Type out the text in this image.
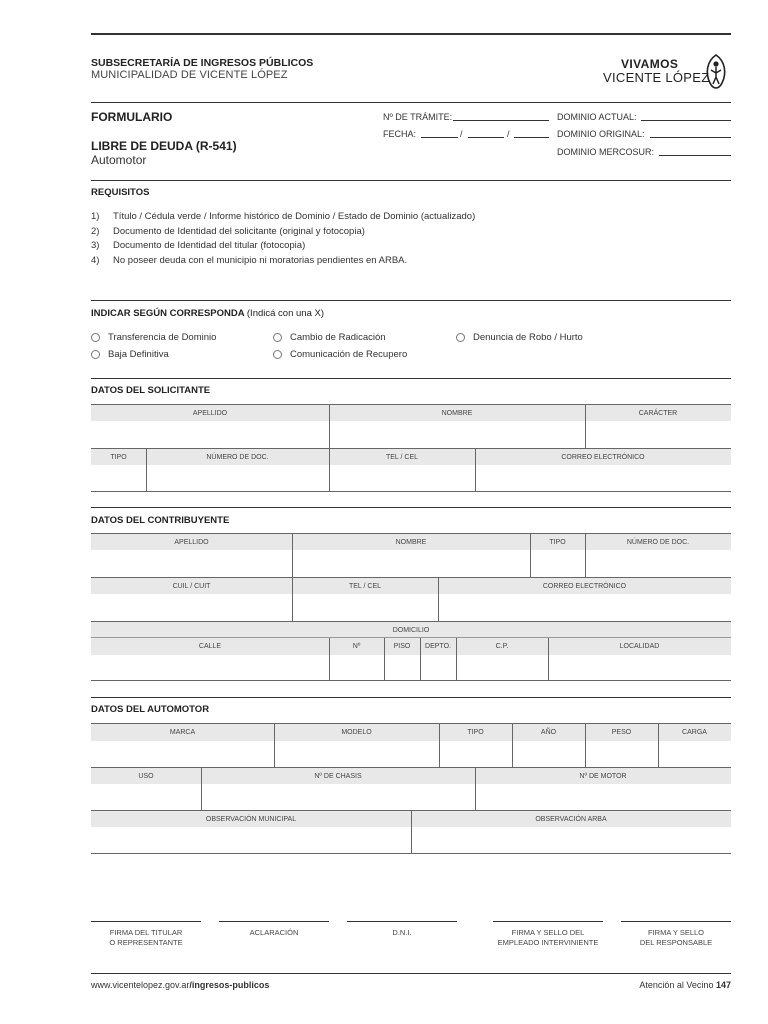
SUBSECRETARÍA DE INGRESOS PÚBLICOS
MUNICIPALIDAD DE VICENTE LÓPEZ
VIVAMOS
VICENTE LÓPEZ
FORMULARIO
LIBRE DE DEUDA (R-541)
Automotor
Nº DE TRÁMITE:
FECHA:	/	/
DOMINIO ACTUAL:
DOMINIO ORIGINAL:
DOMINIO MERCOSUR:
REQUISITOS
1)	Título / Cédula verde / Informe histórico de Dominio / Estado de Dominio (actualizado)
2)	Documento de Identidad del solicitante (original y fotocopia)
3)	Documento de Identidad del titular (fotocopia)
4)	No poseer deuda con el municipio ni moratorias pendientes en ARBA.
INDICAR SEGÚN CORRESPONDA (Indicá con una X)
Transferencia de Dominio	Cambio de Radicación	Denuncia de Robo / Hurto
Baja Definitiva	Comunicación de Recupero
DATOS DEL SOLICITANTE
APELLIDO	NOMBRE	CARÁCTER
TIPO	NÚMERO DE DOC.	TEL / CEL	CORREO ELECTRÓNICO
DATOS DEL CONTRIBUYENTE
APELLIDO	NOMBRE	TIPO	NÚMERO DE DOC.
CUIL / CUIT	TEL / CEL	CORREO ELECTRÓNICO
DOMICILIO
CALLE	Nº	PISO	DEPTO.	C.P.	LOCALIDAD
DATOS DEL AUTOMOTOR
MARCA	MODELO	TIPO	AÑO	PESO	CARGA
USO	Nº DE CHASIS	Nº DE MOTOR
OBSERVACIÓN MUNICIPAL	OBSERVACIÓN ARBA
FIRMA DEL TITULAR
O REPRESENTANTE
ACLARACIÓN	D.N.I.	FIRMA Y SELLO DEL
EMPLEADO INTERVINIENTE
FIRMA Y SELLO
DEL RESPONSABLE
www.vicentelopez.gov.ar/ingresos-publicos	Atención al Vecino 147
